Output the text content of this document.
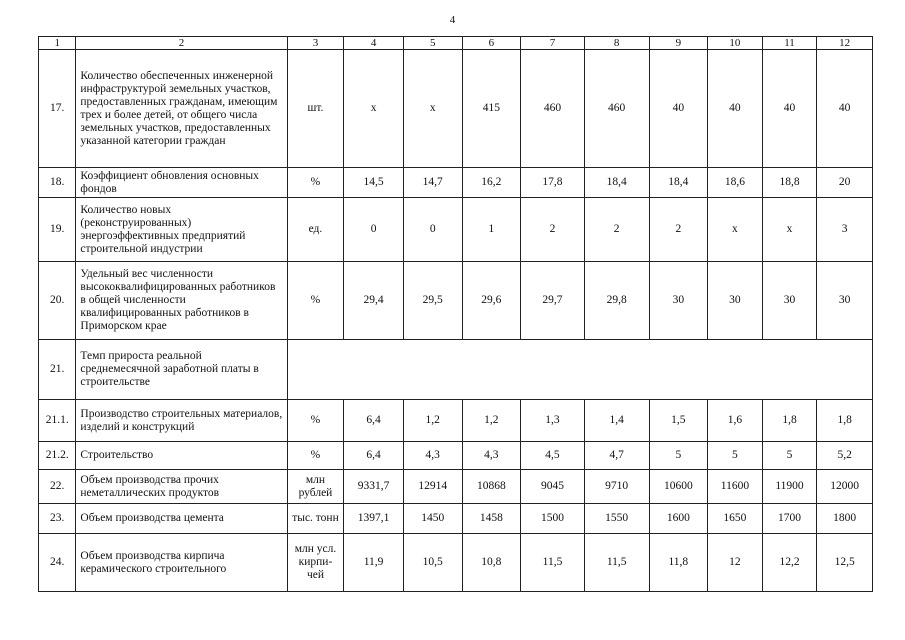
4
1	2	3	4	5	6	7	8	9	10	11	12
17.	Количество обеспеченных инженерной инфраструктурой земельных участков, предоставленных гражданам, имеющим трех и более детей, от общего числа земельных участков, предоставленных указанной категории граждан	шт.	х	х	415	460	460	40	40	40	40
18.	Коэффициент обновления основных фондов	%	14,5	14,7	16,2	17,8	18,4	18,4	18,6	18,8	20
19.	Количество новых (реконструированных) энергоэффективных предприятий строительной индустрии	ед.	0	0	1	2	2	2	х	х	3
20.	Удельный вес численности высококвалифицированных работников в общей численности квалифицированных работников в Приморском крае	%	29,4	29,5	29,6	29,7	29,8	30	30	30	30
21.	Темп прироста реальной среднемесячной заработной платы в строительстве										
21.1.	Производство строительных материалов, изделий и конструкций	%	6,4	1,2	1,2	1,3	1,4	1,5	1,6	1,8	1,8
21.2.	Строительство	%	6,4	4,3	4,3	4,5	4,7	5	5	5	5,2
22.	Объем производства прочих неметаллических продуктов	млн рублей	9331,7	12914	10868	9045	9710	10600	11600	11900	12000
23.	Объем производства цемента	тыс. тонн	1397,1	1450	1458	1500	1550	1600	1650	1700	1800
24.	Объем производства кирпича керамического строительного	млн усл. кирпи-чей	11,9	10,5	10,8	11,5	11,5	11,8	12	12,2	12,5
